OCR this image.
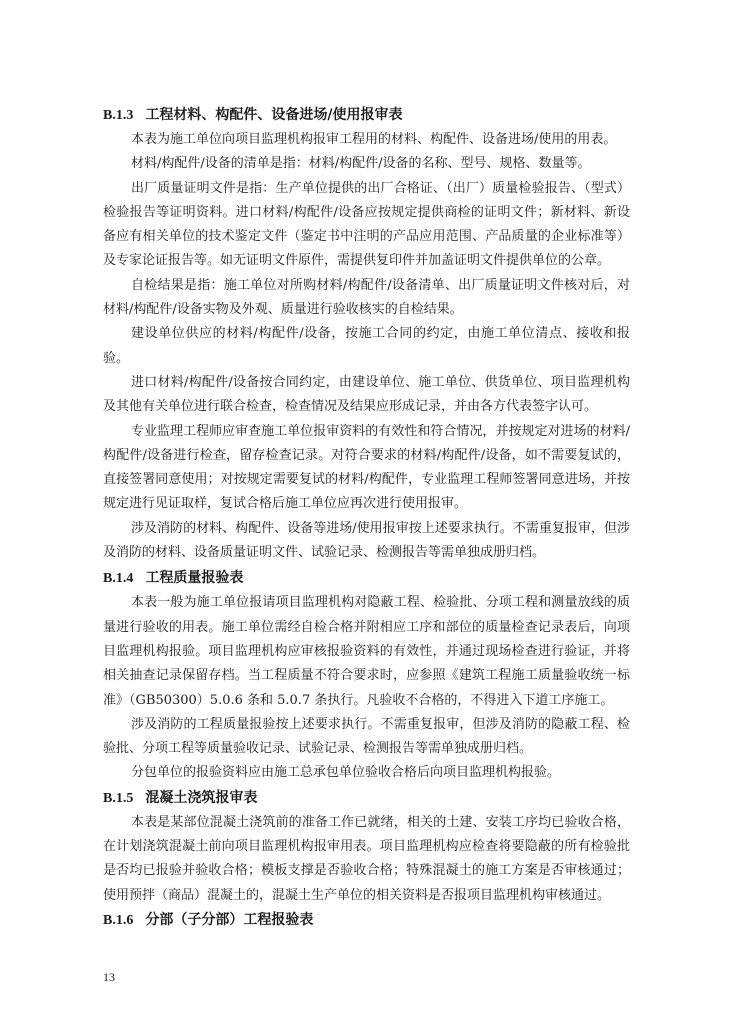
B.1.3 工程材料、构配件、设备进场/使用报审表

本表为施工单位向项目监理机构报审工程用的材料、构配件、设备进场/使用的用表。

材料/构配件/设备的清单是指：材料/构配件/设备的名称、型号、规格、数量等。

出厂质量证明文件是指：生产单位提供的出厂合格证、（出厂）质量检验报告、（型式）检验报告等证明资料。进口材料/构配件/设备应按规定提供商检的证明文件；新材料、新设备应有相关单位的技术鉴定文件（鉴定书中注明的产品应用范围、产品质量的企业标准等）及专家论证报告等。如无证明文件原件，需提供复印件并加盖证明文件提供单位的公章。

自检结果是指：施工单位对所购材料/构配件/设备清单、出厂质量证明文件核对后，对材料/构配件/设备实物及外观、质量进行验收核实的自检结果。

建设单位供应的材料/构配件/设备，按施工合同的约定，由施工单位清点、接收和报验。

进口材料/构配件/设备按合同约定，由建设单位、施工单位、供货单位、项目监理机构及其他有关单位进行联合检查，检查情况及结果应形成记录，并由各方代表签字认可。

专业监理工程师应审查施工单位报审资料的有效性和符合情况，并按规定对进场的材料/构配件/设备进行检查，留存检查记录。对符合要求的材料/构配件/设备，如不需要复试的，直接签署同意使用；对按规定需要复试的材料/构配件，专业监理工程师签署同意进场，并按规定进行见证取样，复试合格后施工单位应再次进行使用报审。

涉及消防的材料、构配件、设备等进场/使用报审按上述要求执行。不需重复报审，但涉及消防的材料、设备质量证明文件、试验记录、检测报告等需单独成册归档。

B.1.4 工程质量报验表

本表一般为施工单位报请项目监理机构对隐蔽工程、检验批、分项工程和测量放线的质量进行验收的用表。施工单位需经自检合格并附相应工序和部位的质量检查记录表后，向项目监理机构报验。项目监理机构应审核报验资料的有效性，并通过现场检查进行验证，并将相关抽查记录保留存档。当工程质量不符合要求时，应参照《建筑工程施工质量验收统一标准》（GB50300）5.0.6 条和 5.0.7 条执行。凡验收不合格的，不得进入下道工序施工。

涉及消防的工程质量报验按上述要求执行。不需重复报审，但涉及消防的隐蔽工程、检验批、分项工程等质量验收记录、试验记录、检测报告等需单独成册归档。

分包单位的报验资料应由施工总承包单位验收合格后向项目监理机构报验。

B.1.5 混凝土浇筑报审表

本表是某部位混凝土浇筑前的准备工作已就绪，相关的土建、安装工序均已验收合格，在计划浇筑混凝土前向项目监理机构报审用表。项目监理机构应检查将要隐蔽的所有检验批是否均已报验并验收合格；模板支撑是否验收合格；特殊混凝土的施工方案是否审核通过；使用预拌（商品）混凝土的，混凝土生产单位的相关资料是否报项目监理机构审核通过。

B.1.6 分部（子分部）工程报验表
13
